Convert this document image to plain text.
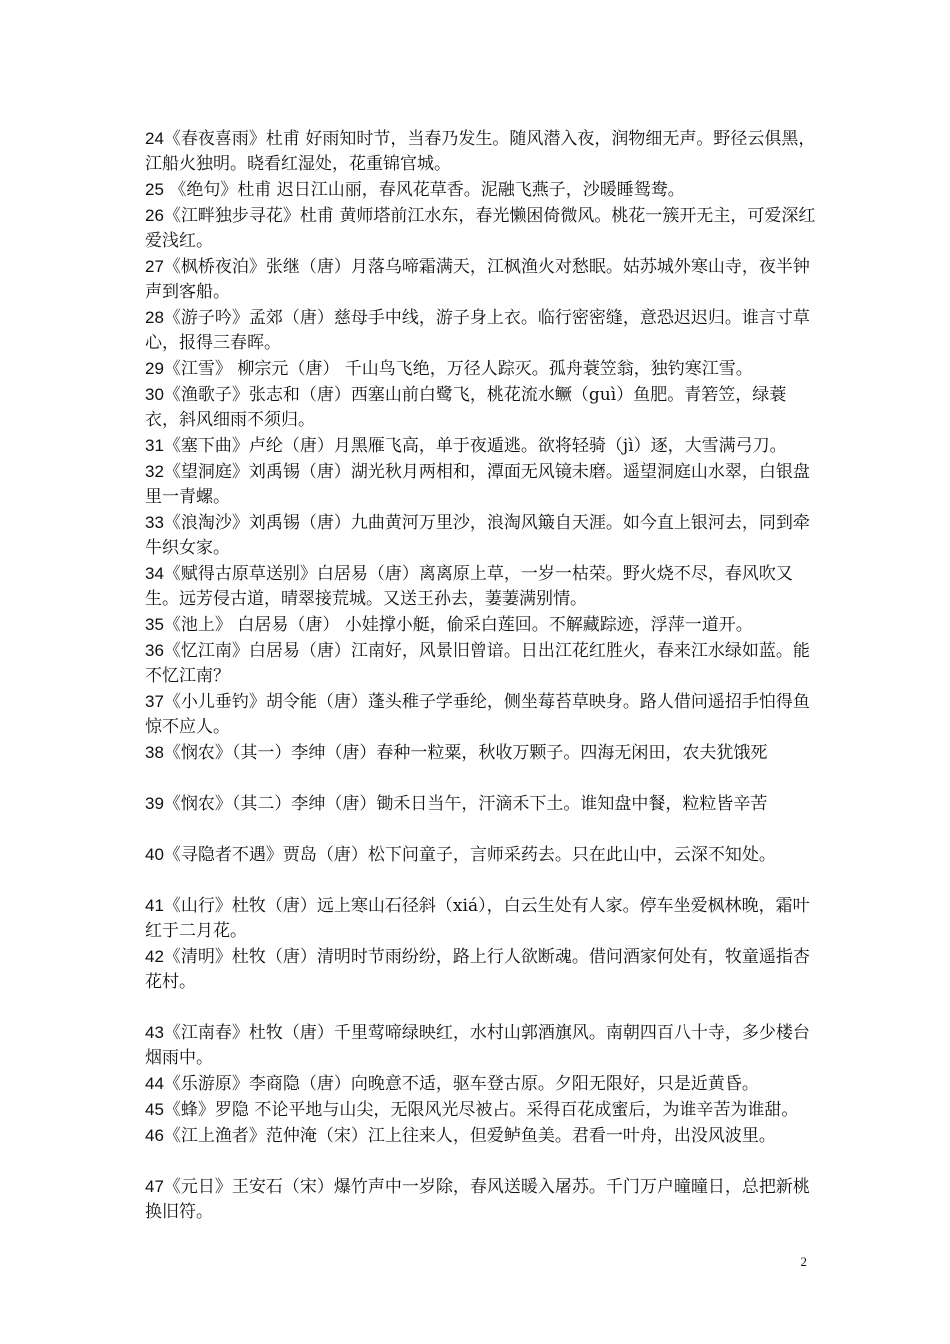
24《春夜喜雨》杜甫 好雨知时节，当春乃发生。随风潜入夜，润物细无声。野径云俱黑，江船火独明。晓看红湿处，花重锦官城。

25 《绝句》杜甫 迟日江山丽，春风花草香。泥融飞燕子，沙暖睡鸳鸯。

26《江畔独步寻花》杜甫 黄师塔前江水东，春光懒困倚微风。桃花一簇开无主，可爱深红爱浅红。

27《枫桥夜泊》张继（唐）月落乌啼霜满天，江枫渔火对愁眠。姑苏城外寒山寺，夜半钟声到客船。

28《游子吟》孟郊（唐）慈母手中线，游子身上衣。临行密密缝，意恐迟迟归。谁言寸草心，报得三春晖。

29《江雪》 柳宗元（唐） 千山鸟飞绝，万径人踪灭。孤舟蓑笠翁，独钓寒江雪。

30《渔歌子》张志和（唐）西塞山前白鹭飞，桃花流水鳜（guì）鱼肥。青箬笠，绿蓑衣，斜风细雨不须归。

31《塞下曲》卢纶（唐）月黑雁飞高，单于夜遁逃。欲将轻骑（jì）逐，大雪满弓刀。

32《望洞庭》刘禹锡（唐）湖光秋月两相和，潭面无风镜未磨。遥望洞庭山水翠，白银盘里一青螺。

33《浪淘沙》刘禹锡（唐）九曲黄河万里沙，浪淘风簸自天涯。如今直上银河去，同到牵牛织女家。

34《赋得古原草送别》白居易（唐）离离原上草，一岁一枯荣。野火烧不尽，春风吹又生。远芳侵古道，晴翠接荒城。又送王孙去，萋萋满别情。

35《池上》 白居易（唐） 小娃撑小艇，偷采白莲回。不解藏踪迹，浮萍一道开。

36《忆江南》白居易（唐）江南好，风景旧曾谙。日出江花红胜火，春来江水绿如蓝。能不忆江南？

37《小儿垂钓》胡令能（唐）蓬头稚子学垂纶，侧坐莓苔草映身。路人借问遥招手怕得鱼惊不应人。

38《悯农》（其一）李绅（唐）春种一粒粟，秋收万颗子。四海无闲田，农夫犹饿死

39《悯农》（其二）李绅（唐）锄禾日当午，汗滴禾下土。谁知盘中餐，粒粒皆辛苦

40《寻隐者不遇》贾岛（唐）松下问童子，言师采药去。只在此山中，云深不知处。

41《山行》杜牧（唐）远上寒山石径斜（xiá），白云生处有人家。停车坐爱枫林晚，霜叶红于二月花。

42《清明》杜牧（唐）清明时节雨纷纷，路上行人欲断魂。借问酒家何处有，牧童遥指杏花村。

43《江南春》杜牧（唐）千里莺啼绿映红，水村山郭酒旗风。南朝四百八十寺，多少楼台烟雨中。

44《乐游原》李商隐（唐）向晚意不适，驱车登古原。夕阳无限好，只是近黄昏。

45《蜂》罗隐 不论平地与山尖，无限风光尽被占。采得百花成蜜后，为谁辛苦为谁甜。

46《江上渔者》范仲淹（宋）江上往来人，但爱鲈鱼美。君看一叶舟，出没风波里。

47《元日》王安石（宋）爆竹声中一岁除，春风送暖入屠苏。千门万户曈曈日，总把新桃换旧符。

2
